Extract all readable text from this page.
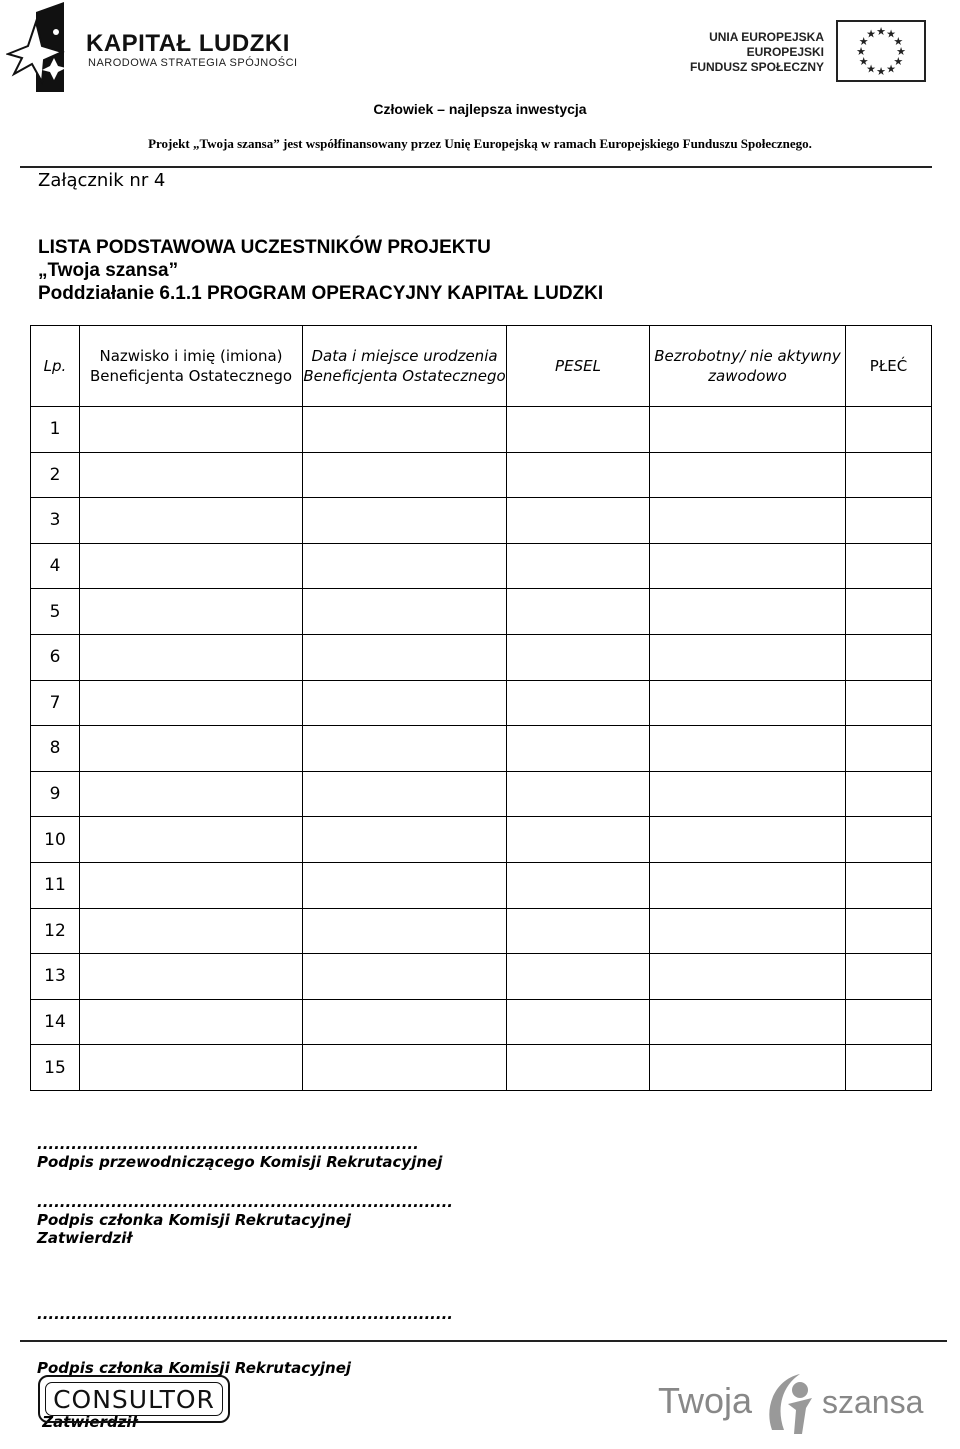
KAPITAŁ LUDZKI
NARODOWA STRATEGIA SPÓJNOŚCI
UNIA EUROPEJSKA
EUROPEJSKI
FUNDUSZ SPOŁECZNY
★
★
★
★
★
★
★
★
★ ★ ★
★
Człowiek – najlepsza inwestycja
Projekt „Twoja szansa” jest współfinansowany przez Unię Europejską w ramach Europejskiego Funduszu Społecznego.
Załącznik nr 4
LISTA PODSTAWOWA UCZESTNIKÓW PROJEKTU
„Twoja szansa”
Poddziałanie 6.1.1 PROGRAM OPERACYJNY KAPITAŁ LUDZKI
Lp.	Nazwisko i imię (imiona) Beneficjenta Ostatecznego	Data i miejsce urodzenia Beneficjenta Ostatecznego	PESEL	Bezrobotny/ nie aktywny zawodowo	PŁEĆ
1					
2					
3					
4					
5					
6					
7					
8					
9					
10					
11					
12					
13					
14					
15					
...................................................................
Podpis przewodniczącego Komisji Rekrutacyjnej
.........................................................................
Podpis członka Komisji Rekrutacyjnej
Zatwierdził

.........................................................................

Podpis członka Komisji Rekrutacyjnej

Zatwierdził

CONSULTOR	Twoja szansa
